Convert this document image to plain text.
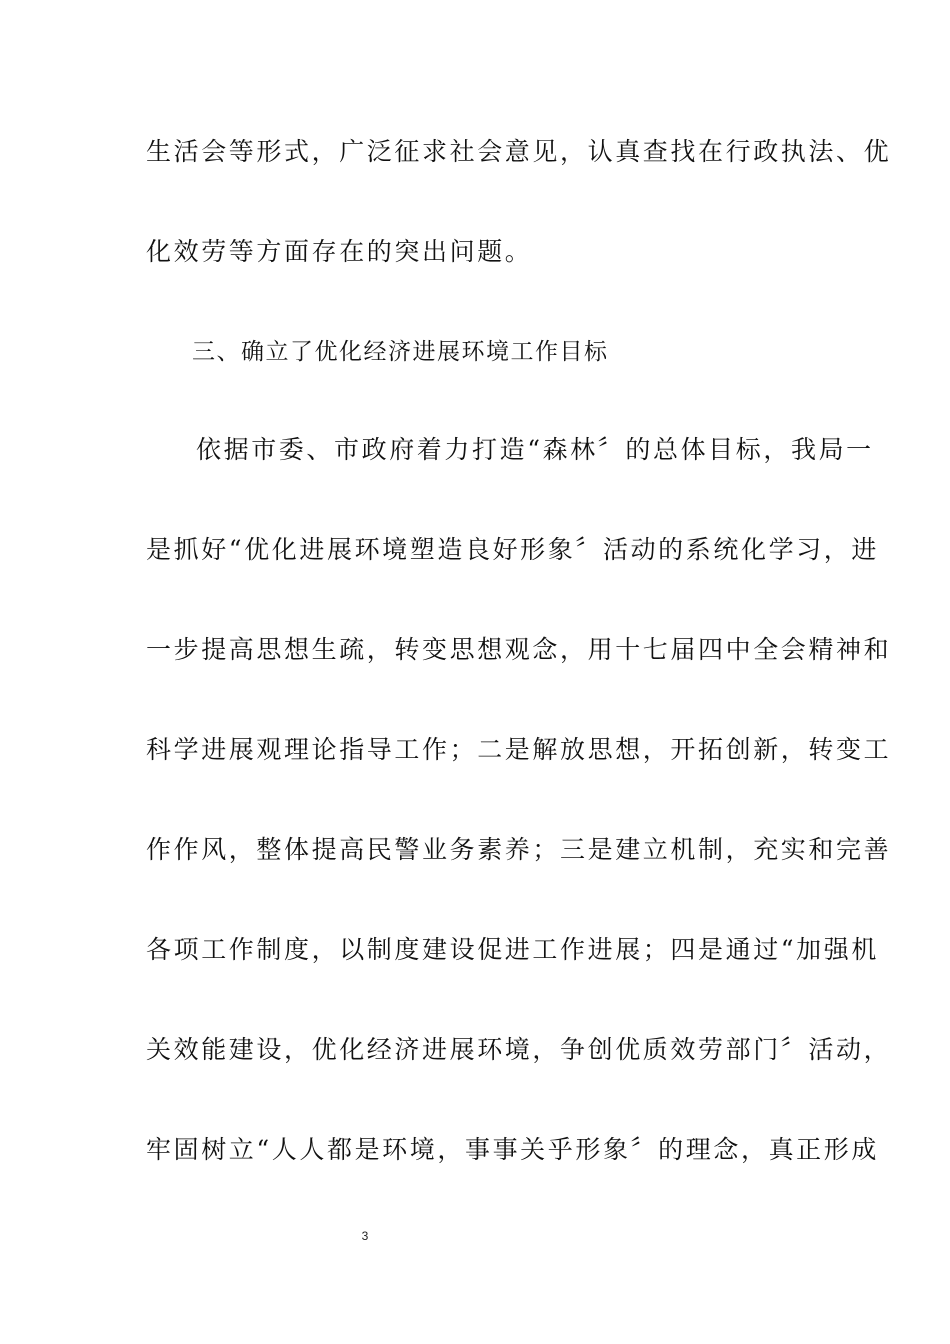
生活会等形式，广泛征求社会意见，认真查找在行政执法、优
化效劳等方面存在的突出问题。
三、确立了优化经济进展环境工作目标
依据市委、市政府着力打造“森林〞的总体目标，我局一
是抓好“优化进展环境塑造良好形象〞活动的系统化学习，进
一步提高思想生疏，转变思想观念，用十七届四中全会精神和
科学进展观理论指导工作；二是解放思想，开拓创新，转变工
作作风，整体提高民警业务素养；三是建立机制，充实和完善
各项工作制度，以制度建设促进工作进展；四是通过“加强机
关效能建设，优化经济进展环境，争创优质效劳部门〞活动，
牢固树立“人人都是环境，事事关乎形象〞的理念，真正形成
3
